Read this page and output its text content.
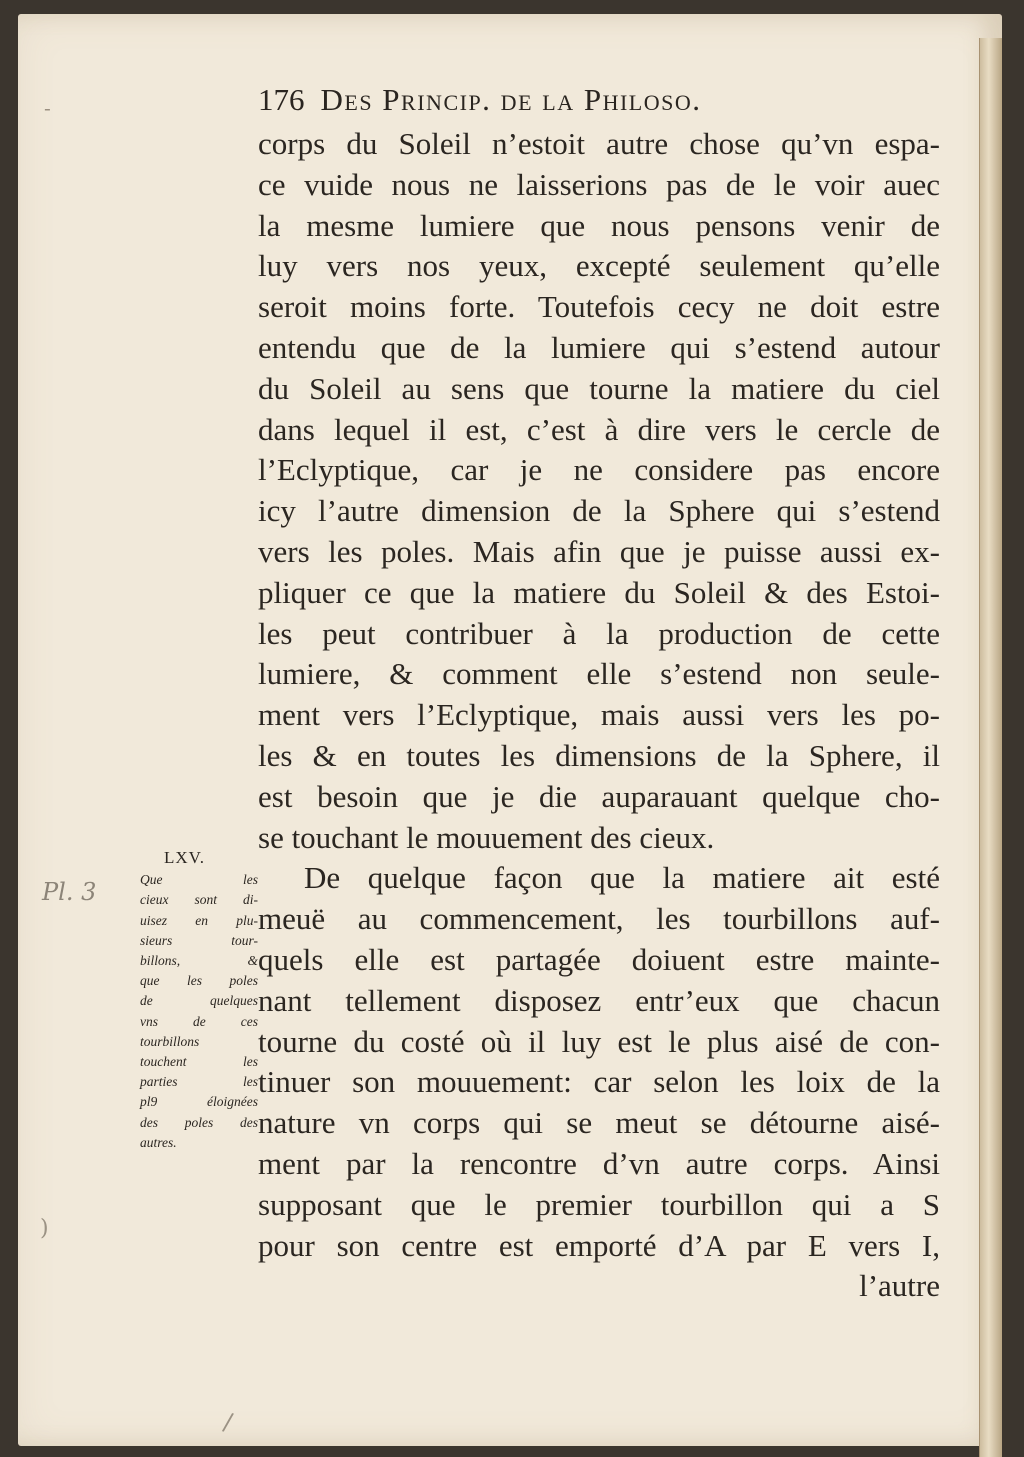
-	176 Des Princip. de la Philoso.
corps du Soleil n’estoit autre chose qu’vn espa-
ce vuide nous ne laisserions pas de le voir auec
la mesme lumiere que nous pensons venir de
luy vers nos yeux, excepté seulement qu’elle
seroit moins forte. Toutefois cecy ne doit estre
entendu que de la lumiere qui s’estend autour
du Soleil au sens que tourne la matiere du ciel
dans lequel il est, c’est à dire vers le cercle de
l’Eclyptique, car je ne considere pas encore
icy l’autre dimension de la Sphere qui s’estend
vers les poles. Mais afin que je puisse aussi ex-
pliquer ce que la matiere du Soleil & des Estoi-
les peut contribuer à la production de cette
lumiere, & comment elle s’estend non seule-
ment vers l’Eclyptique, mais aussi vers les po-
les & en toutes les dimensions de la Sphere, il
est besoin que je die auparauant quelque cho-
se touchant le mouuement des cieux.
De quelque façon que la matiere ait esté
meuë au commencement, les tourbillons auf-
quels elle est partagée doiuent estre mainte-
nant tellement disposez entr’eux que chacun
tourne du costé où il luy est le plus aisé de con-
tinuer son mouuement: car selon les loix de la
nature vn corps qui se meut se détourne aisé-
ment par la rencontre d’vn autre corps. Ainsi
supposant que le premier tourbillon qui a S
pour son centre est emporté d’A par E vers I,
l’autre
LXV.
Que les
cieux sont di-
uisez en plu-
sieurs tour-
billons, &
que les poles
de quelques
vns de ces
tourbillons
touchent les
parties les
pl9 éloignées
des poles des
autres.
Pl. 3
)
/
